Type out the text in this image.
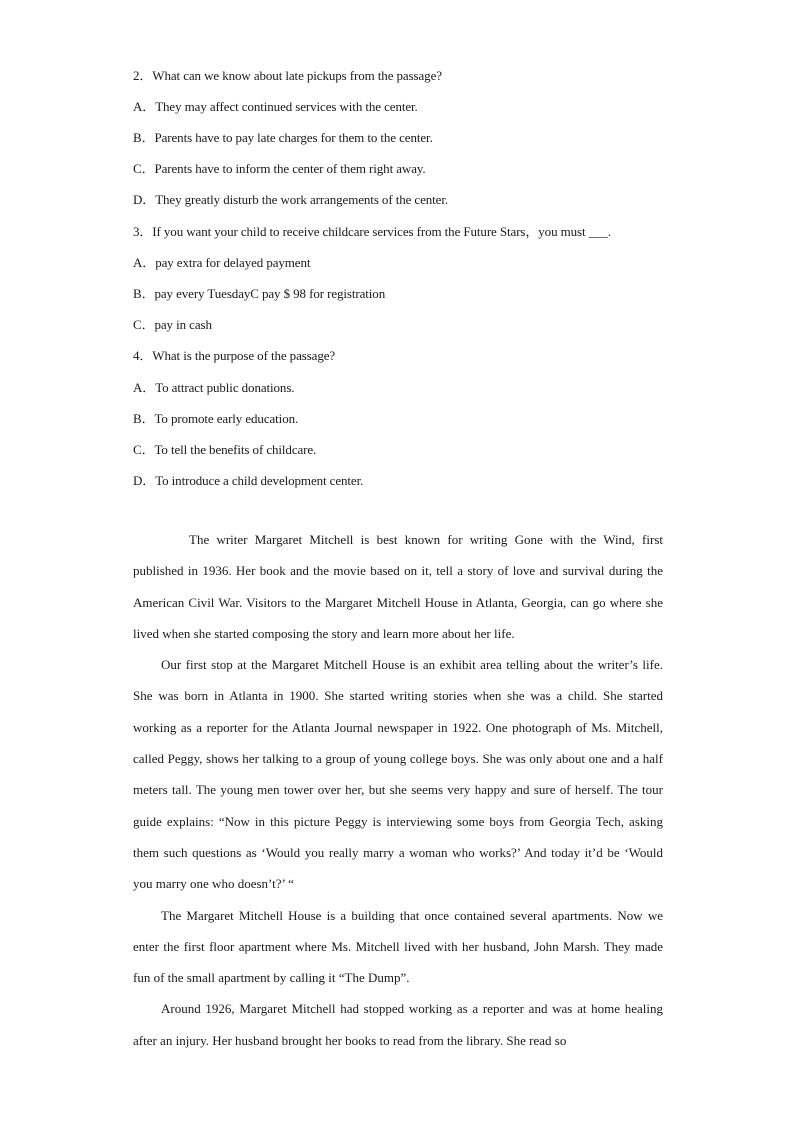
2．What can we know about late pickups from the passage?
A．They may affect continued services with the center.
B．Parents have to pay late charges for them to the center.
C．Parents have to inform the center of them right away.
D．They greatly disturb the work arrangements of the center.
3．If you want your child to receive childcare services from the Future Stars，you must ___.
A．pay extra for delayed payment
B．pay every TuesdayC pay $ 98 for registration
C．pay in cash
4．What is the purpose of the passage?
A．To attract public donations.
B．To promote early education.
C．To tell the benefits of childcare.
D．To introduce a child development center.

The writer Margaret Mitchell is best known for writing Gone with the Wind, first published in 1936. Her book and the movie based on it, tell a story of love and survival during the American Civil War. Visitors to the Margaret Mitchell House in Atlanta, Georgia, can go where she lived when she started composing the story and learn more about her life.

Our first stop at the Margaret Mitchell House is an exhibit area telling about the writer’s life. She was born in Atlanta in 1900. She started writing stories when she was a child. She started working as a reporter for the Atlanta Journal newspaper in 1922. One photograph of Ms. Mitchell, called Peggy, shows her talking to a group of young college boys. She was only about one and a half meters tall. The young men tower over her, but she seems very happy and sure of herself. The tour guide explains: “Now in this picture Peggy is interviewing some boys from Georgia Tech, asking them such questions as ‘Would you really marry a woman who works?’ And today it’d be ‘Would you marry one who doesn’t?’ “

The Margaret Mitchell House is a building that once contained several apartments. Now we enter the first floor apartment where Ms. Mitchell lived with her husband, John Marsh. They made fun of the small apartment by calling it “The Dump”.

Around 1926, Margaret Mitchell had stopped working as a reporter and was at home healing after an injury. Her husband brought her books to read from the library. She read so
